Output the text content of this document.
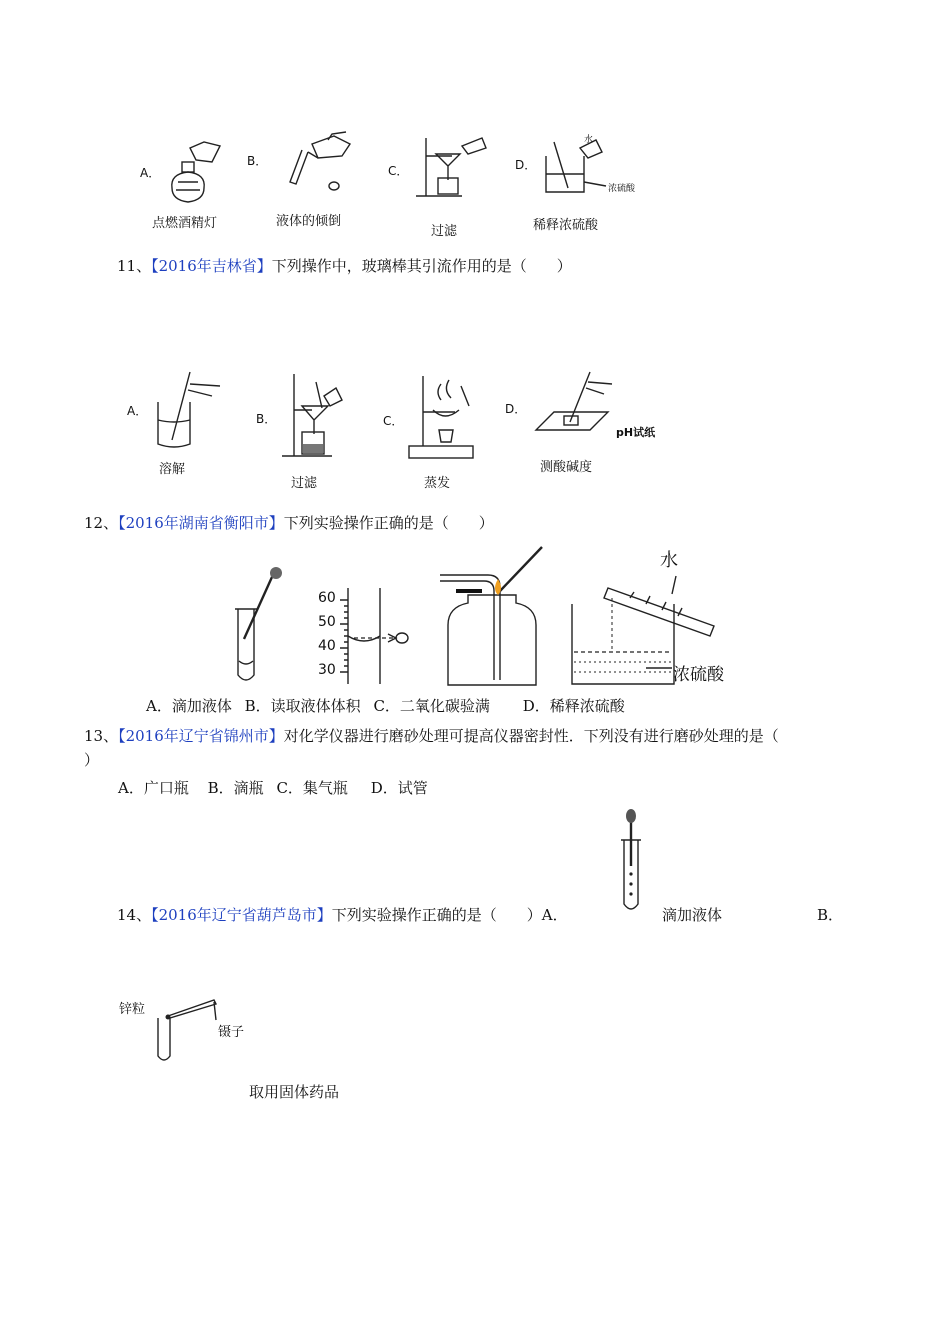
A．
B．
C．	D．
点燃酒精灯	液体的倾倒
过滤
水
浓硫酸
稀释浓硫酸
11、【2016年吉林省】下列操作中，玻璃棒其引流作用的是（　　）
A．
B．	C．
D．
溶解
过滤	蒸发
pH试纸
测酸碱度
12、【2016年湖南省衡阳市】下列实验操作正确的是（　　）
60
50
40
30
水
浓硫酸
A．滴加液体 B．读取液体体积 C．二氧化碳验满 D．稀释浓硫酸
13、【2016年辽宁省锦州市】对化学仪器进行磨砂处理可提高仪器密封性．下列没有进行磨砂处理的是（
）
A．广口瓶 B．滴瓶 C．集气瓶 D．试管
14、【2016年辽宁省葫芦岛市】下列实验操作正确的是（　　）A．	滴加液体	B．
锌粒
镊子
取用固体药品
